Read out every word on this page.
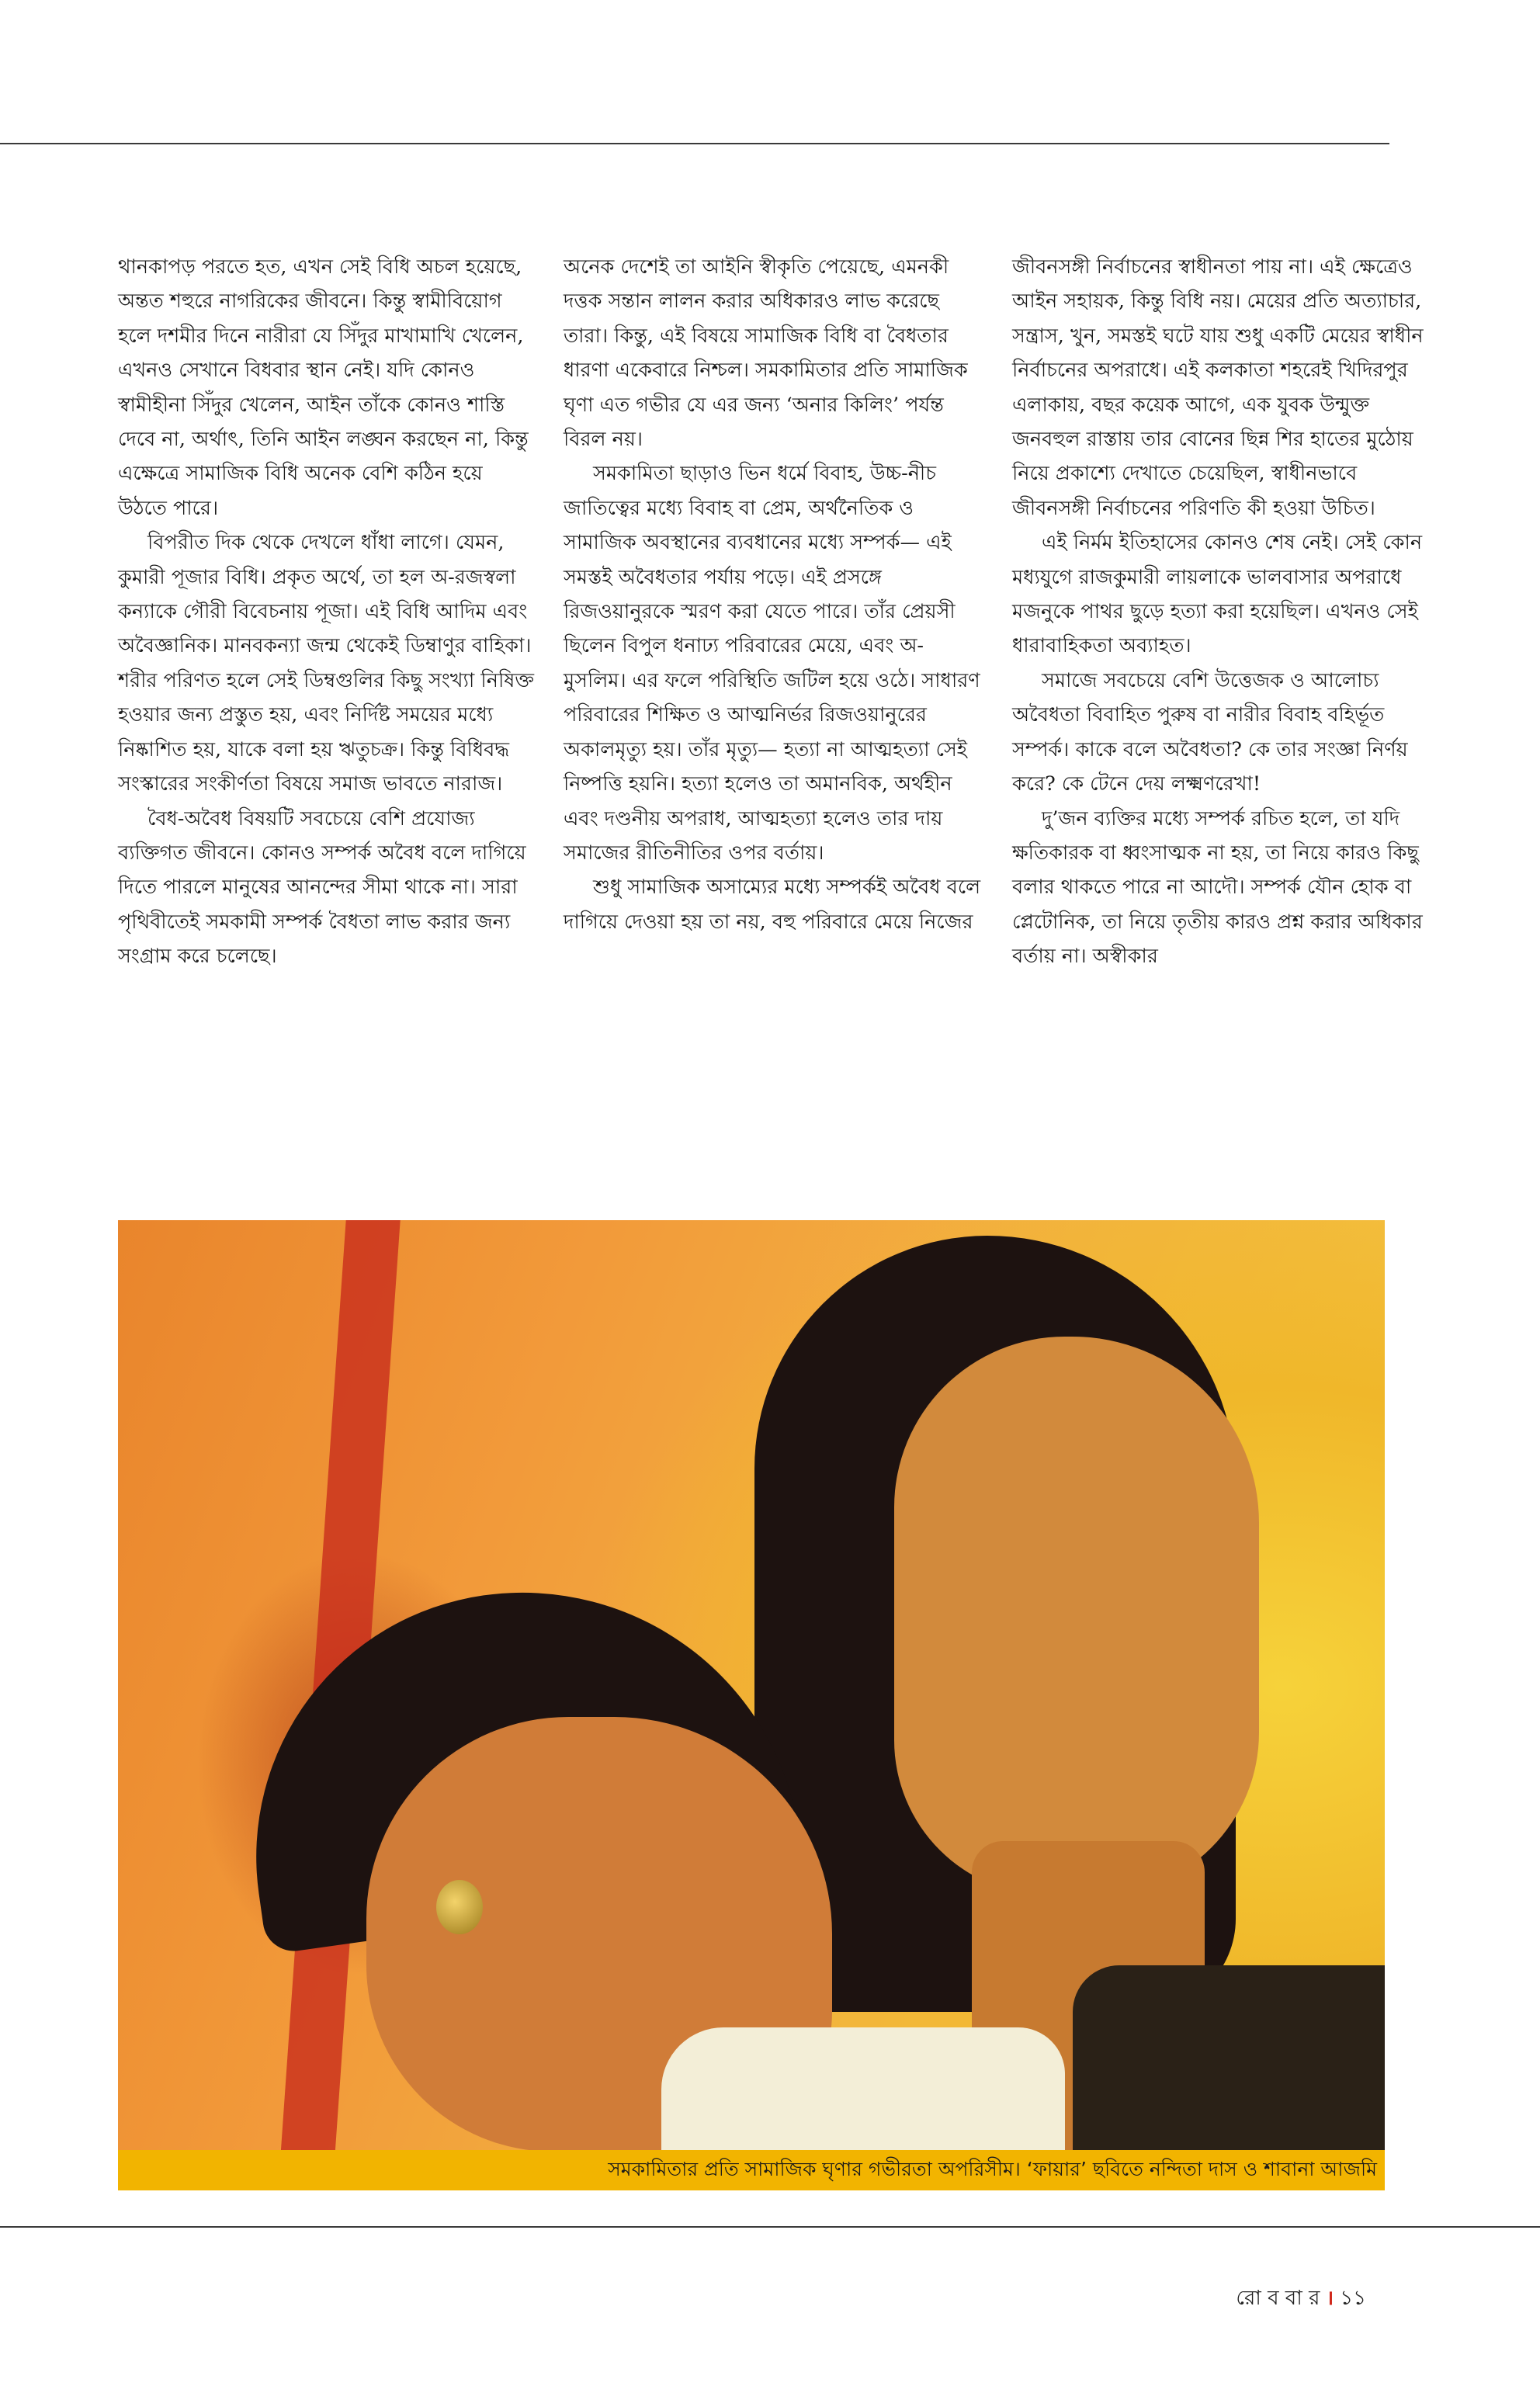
থানকাপড় পরতে হত, এখন সেই বিধি অচল হয়েছে, অন্তত শহুরে নাগরিকের জীবনে। কিন্তু স্বামীবিয়োগ হলে দশমীর দিনে নারীরা যে সিঁদুর মাখামাখি খেলেন, এখনও সেখানে বিধবার স্থান নেই। যদি কোনও স্বামীহীনা সিঁদুর খেলেন, আইন তাঁকে কোনও শাস্তি দেবে না, অর্থাৎ, তিনি আইন লঙ্ঘন করছেন না, কিন্তু এক্ষেত্রে সামাজিক বিধি অনেক বেশি কঠিন হয়ে উঠতে পারে।

বিপরীত দিক থেকে দেখলে ধাঁধা লাগে। যেমন, কুমারী পূজার বিধি। প্রকৃত অর্থে, তা হল অ-রজস্বলা কন্যাকে গৌরী বিবেচনায় পূজা। এই বিধি আদিম এবং অবৈজ্ঞানিক। মানবকন্যা জন্ম থেকেই ডিম্বাণুর বাহিকা। শরীর পরিণত হলে সেই ডিম্বগুলির কিছু সংখ্যা নিষিক্ত হওয়ার জন্য প্রস্তুত হয়, এবং নির্দিষ্ট সময়ের মধ্যে নিষ্কাশিত হয়, যাকে বলা হয় ঋতুচক্র। কিন্তু বিধিবদ্ধ সংস্কারের সংকীর্ণতা বিষয়ে সমাজ ভাবতে নারাজ।

বৈধ-অবৈধ বিষয়টি সবচেয়ে বেশি প্রযোজ্য ব্যক্তিগত জীবনে। কোনও সম্পর্ক অবৈধ বলে দাগিয়ে দিতে পারলে মানুষের আনন্দের সীমা থাকে না। সারা পৃথিবীতেই সমকামী সম্পর্ক বৈধতা লাভ করার জন্য সংগ্রাম করে চলেছে।

অনেক দেশেই তা আইনি স্বীকৃতি পেয়েছে, এমনকী দত্তক সন্তান লালন করার অধিকারও লাভ করেছে তারা। কিন্তু, এই বিষয়ে সামাজিক বিধি বা বৈধতার ধারণা একেবারে নিশ্চল। সমকামিতার প্রতি সামাজিক ঘৃণা এত গভীর যে এর জন্য ‘অনার কিলিং’ পর্যন্ত বিরল নয়।

সমকামিতা ছাড়াও ভিন ধর্মে বিবাহ, উচ্চ-নীচ জাতিত্বের মধ্যে বিবাহ বা প্রেম, অর্থনৈতিক ও সামাজিক অবস্থানের ব্যবধানের মধ্যে সম্পর্ক— এই সমস্তই অবৈধতার পর্যায় পড়ে। এই প্রসঙ্গে রিজওয়ানুরকে স্মরণ করা যেতে পারে। তাঁর প্রেয়সী ছিলেন বিপুল ধনাঢ্য পরিবারের মেয়ে, এবং অ-মুসলিম। এর ফলে পরিস্থিতি জটিল হয়ে ওঠে। সাধারণ পরিবারের শিক্ষিত ও আত্মনির্ভর রিজওয়ানুরের অকালমৃত্যু হয়। তাঁর মৃত্যু— হত্যা না আত্মহত্যা সেই নিষ্পত্তি হয়নি। হত্যা হলেও তা অমানবিক, অর্থহীন এবং দণ্ডনীয় অপরাধ, আত্মহত্যা হলেও তার দায় সমাজের রীতিনীতির ওপর বর্তায়।

শুধু সামাজিক অসাম্যের মধ্যে সম্পর্কই অবৈধ বলে দাগিয়ে দেওয়া হয় তা নয়, বহু পরিবারে মেয়ে নিজের

জীবনসঙ্গী নির্বাচনের স্বাধীনতা পায় না। এই ক্ষেত্রেও আইন সহায়ক, কিন্তু বিধি নয়। মেয়ের প্রতি অত্যাচার, সন্ত্রাস, খুন, সমস্তই ঘটে যায় শুধু একটি মেয়ের স্বাধীন নির্বাচনের অপরাধে। এই কলকাতা শহরেই খিদিরপুর এলাকায়, বছর কয়েক আগে, এক যুবক উন্মুক্ত জনবহুল রাস্তায় তার বোনের ছিন্ন শির হাতের মুঠোয় নিয়ে প্রকাশ্যে দেখাতে চেয়েছিল, স্বাধীনভাবে জীবনসঙ্গী নির্বাচনের পরিণতি কী হওয়া উচিত।

এই নির্মম ইতিহাসের কোনও শেষ নেই। সেই কোন মধ্যযুগে রাজকুমারী লায়লাকে ভালবাসার অপরাধে মজনুকে পাথর ছুড়ে হত্যা করা হয়েছিল। এখনও সেই ধারাবাহিকতা অব্যাহত।

সমাজে সবচেয়ে বেশি উত্তেজক ও আলোচ্য অবৈধতা বিবাহিত পুরুষ বা নারীর বিবাহ বহির্ভূত সম্পর্ক। কাকে বলে অবৈধতা? কে তার সংজ্ঞা নির্ণয় করে? কে টেনে দেয় লক্ষ্মণরেখা!

দু’জন ব্যক্তির মধ্যে সম্পর্ক রচিত হলে, তা যদি ক্ষতিকারক বা ধ্বংসাত্মক না হয়, তা নিয়ে কারও কিছু বলার থাকতে পারে না আদৌ। সম্পর্ক যৌন হোক বা প্লেটোনিক, তা নিয়ে তৃতীয় কারও প্রশ্ন করার অধিকার বর্তায় না। অস্বীকার

সমকামিতার প্রতি সামাজিক ঘৃণার গভীরতা অপরিসীম। ‘ফায়ার’ ছবিতে নন্দিতা দাস ও শাবানা আজমি
রো ব বা র । ১১
